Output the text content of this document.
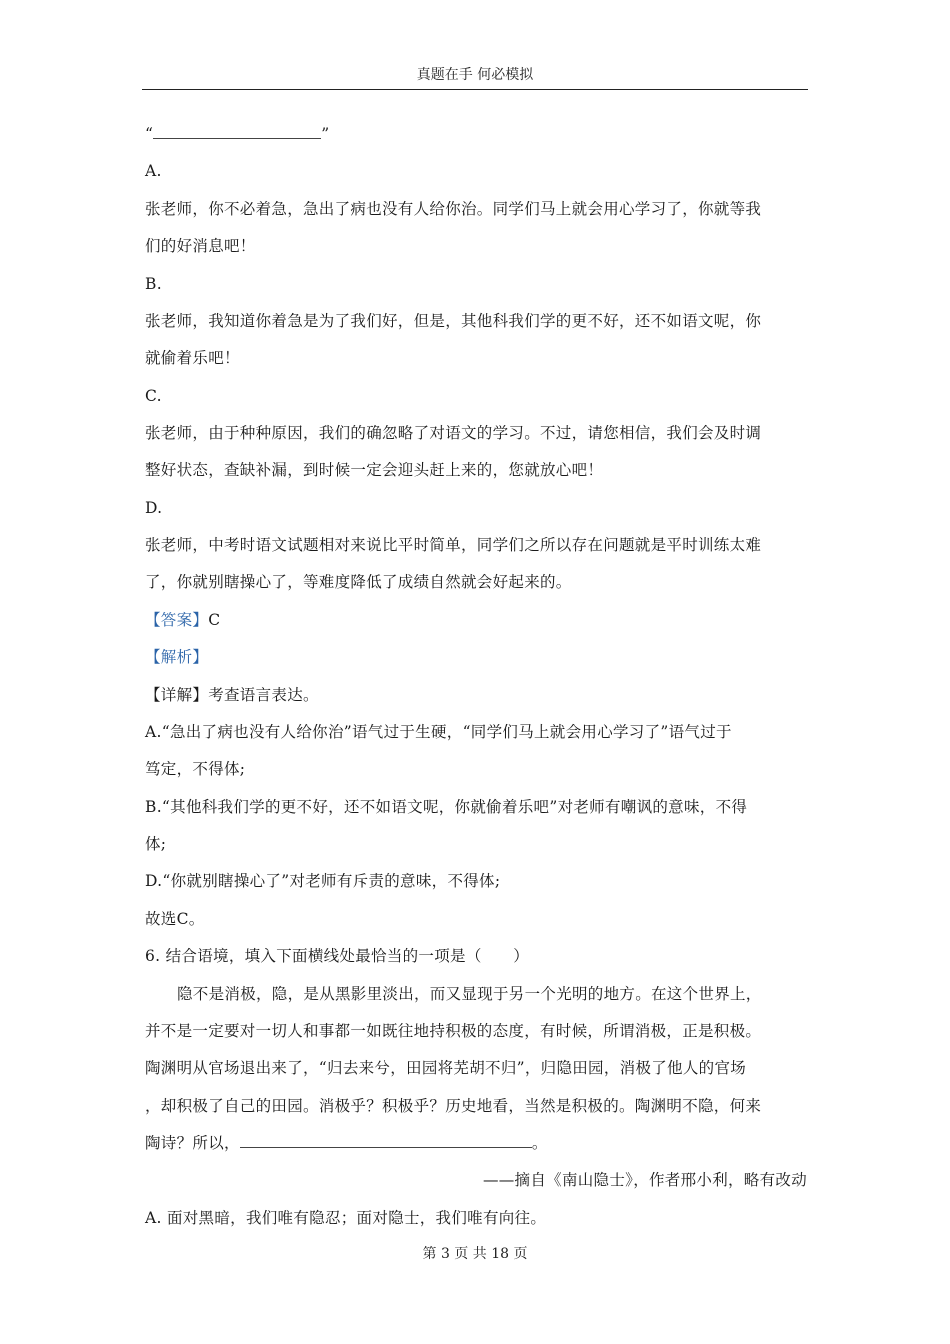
真题在手 何必模拟
“	”
A.
张老师，你不必着急，急出了病也没有人给你治。同学们马上就会用心学习了，你就等我
们的好消息吧！
B.
张老师，我知道你着急是为了我们好，但是，其他科我们学的更不好，还不如语文呢，你
就偷着乐吧！
C.
张老师，由于种种原因，我们的确忽略了对语文的学习。不过，请您相信，我们会及时调
整好状态，查缺补漏，到时候一定会迎头赶上来的，您就放心吧！
D.
张老师，中考时语文试题相对来说比平时简单，同学们之所以存在问题就是平时训练太难
了，你就别瞎操心了，等难度降低了成绩自然就会好起来的。
【答案】C
【解析】
【详解】考查语言表达。
A.“急出了病也没有人给你治”语气过于生硬，“同学们马上就会用心学习了”语气过于
笃定，不得体;
B.“其他科我们学的更不好，还不如语文呢，你就偷着乐吧”对老师有嘲讽的意味，不得
体;
D.“你就别瞎操心了”对老师有斥责的意味，不得体;
故选C。
6. 结合语境，填入下面横线处最恰当的一项是（　　）
隐不是消极，隐，是从黑影里淡出，而又显现于另一个光明的地方。在这个世界上，
并不是一定要对一切人和事都一如既往地持积极的态度，有时候，所谓消极，正是积极。
陶渊明从官场退出来了，“归去来兮，田园将芜胡不归”，归隐田园，消极了他人的官场
，却积极了自己的田园。消极乎？积极乎？历史地看，当然是积极的。陶渊明不隐，何来
陶诗？所以，	。
——摘自《南山隐士》，作者邢小利，略有改动
A. 面对黑暗，我们唯有隐忍；面对隐士，我们唯有向往。
第 3 页 共 18 页
